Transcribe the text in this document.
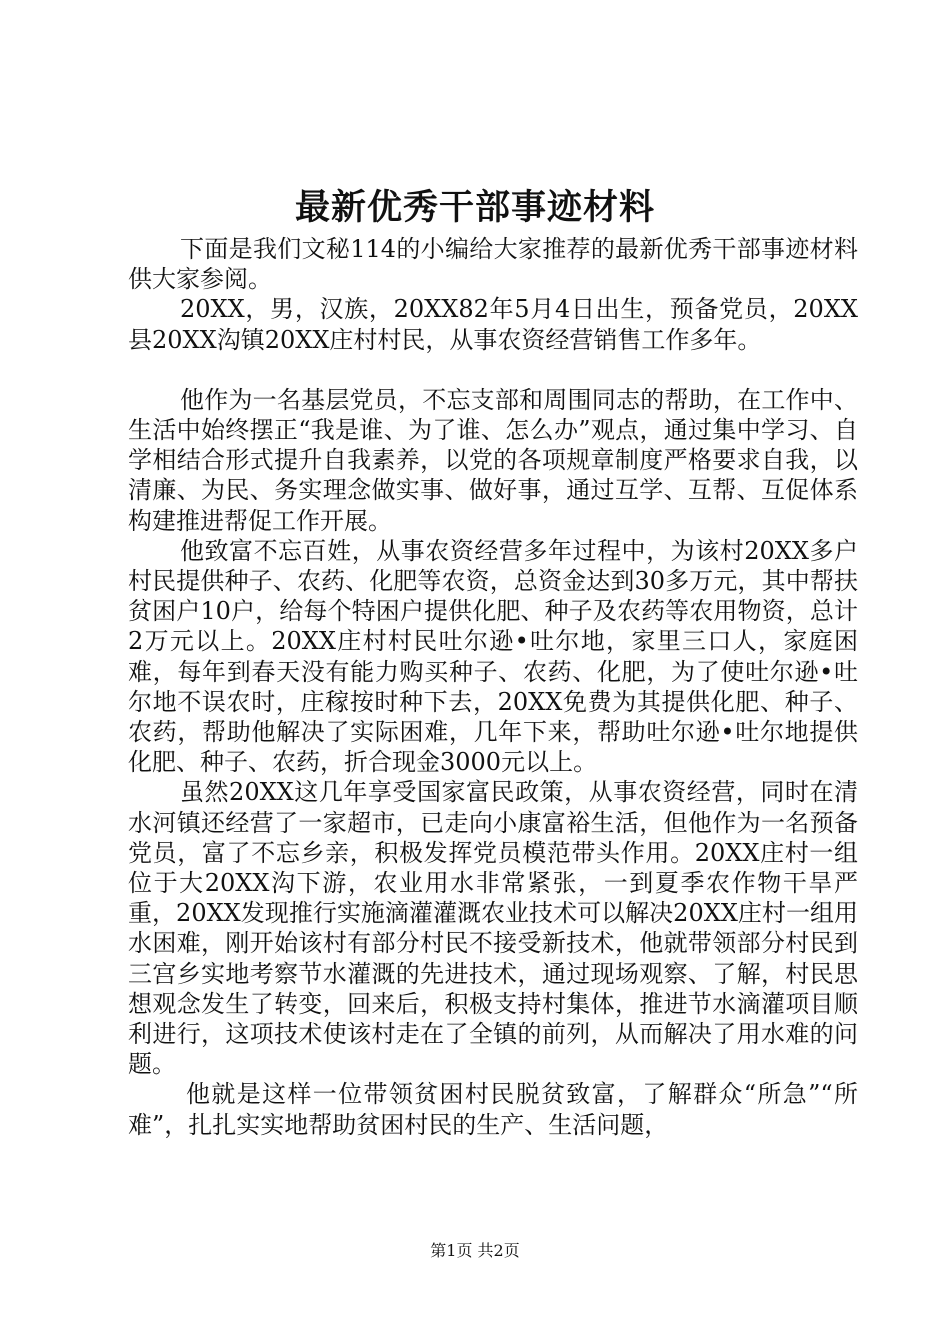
最新优秀干部事迹材料

下面是我们文秘114的小编给大家推荐的最新优秀干部事迹材料供大家参阅。

20XX，男，汉族，20XX82年5月4日出生，预备党员，20XX县20XX沟镇20XX庄村村民，从事农资经营销售工作多年。

他作为一名基层党员，不忘支部和周围同志的帮助，在工作中、生活中始终摆正“我是谁、为了谁、怎么办”观点，通过集中学习、自学相结合形式提升自我素养，以党的各项规章制度严格要求自我，以清廉、为民、务实理念做实事、做好事，通过互学、互帮、互促体系构建推进帮促工作开展。

他致富不忘百姓，从事农资经营多年过程中，为该村20XX多户村民提供种子、农药、化肥等农资，总资金达到30多万元，其中帮扶贫困户10户，给每个特困户提供化肥、种子及农药等农用物资，总计2万元以上。20XX庄村村民吐尔逊•吐尔地，家里三口人，家庭困难，每年到春天没有能力购买种子、农药、化肥，为了使吐尔逊•吐尔地不误农时，庄稼按时种下去，20XX免费为其提供化肥、种子、农药，帮助他解决了实际困难，几年下来，帮助吐尔逊•吐尔地提供化肥、种子、农药，折合现金3000元以上。

虽然20XX这几年享受国家富民政策，从事农资经营，同时在清水河镇还经营了一家超市，已走向小康富裕生活，但他作为一名预备党员，富了不忘乡亲，积极发挥党员模范带头作用。20XX庄村一组位于大20XX沟下游，农业用水非常紧张，一到夏季农作物干旱严重，20XX发现推行实施滴灌灌溉农业技术可以解决20XX庄村一组用水困难，刚开始该村有部分村民不接受新技术，他就带领部分村民到三宫乡实地考察节水灌溉的先进技术，通过现场观察、了解，村民思想观念发生了转变，回来后，积极支持村集体，推进节水滴灌项目顺利进行，这项技术使该村走在了全镇的前列，从而解决了用水难的问题。

他就是这样一位带领贫困村民脱贫致富，了解群众“所急”“所难”，扎扎实实地帮助贫困村民的生产、生活问题，

第1页 共2页
